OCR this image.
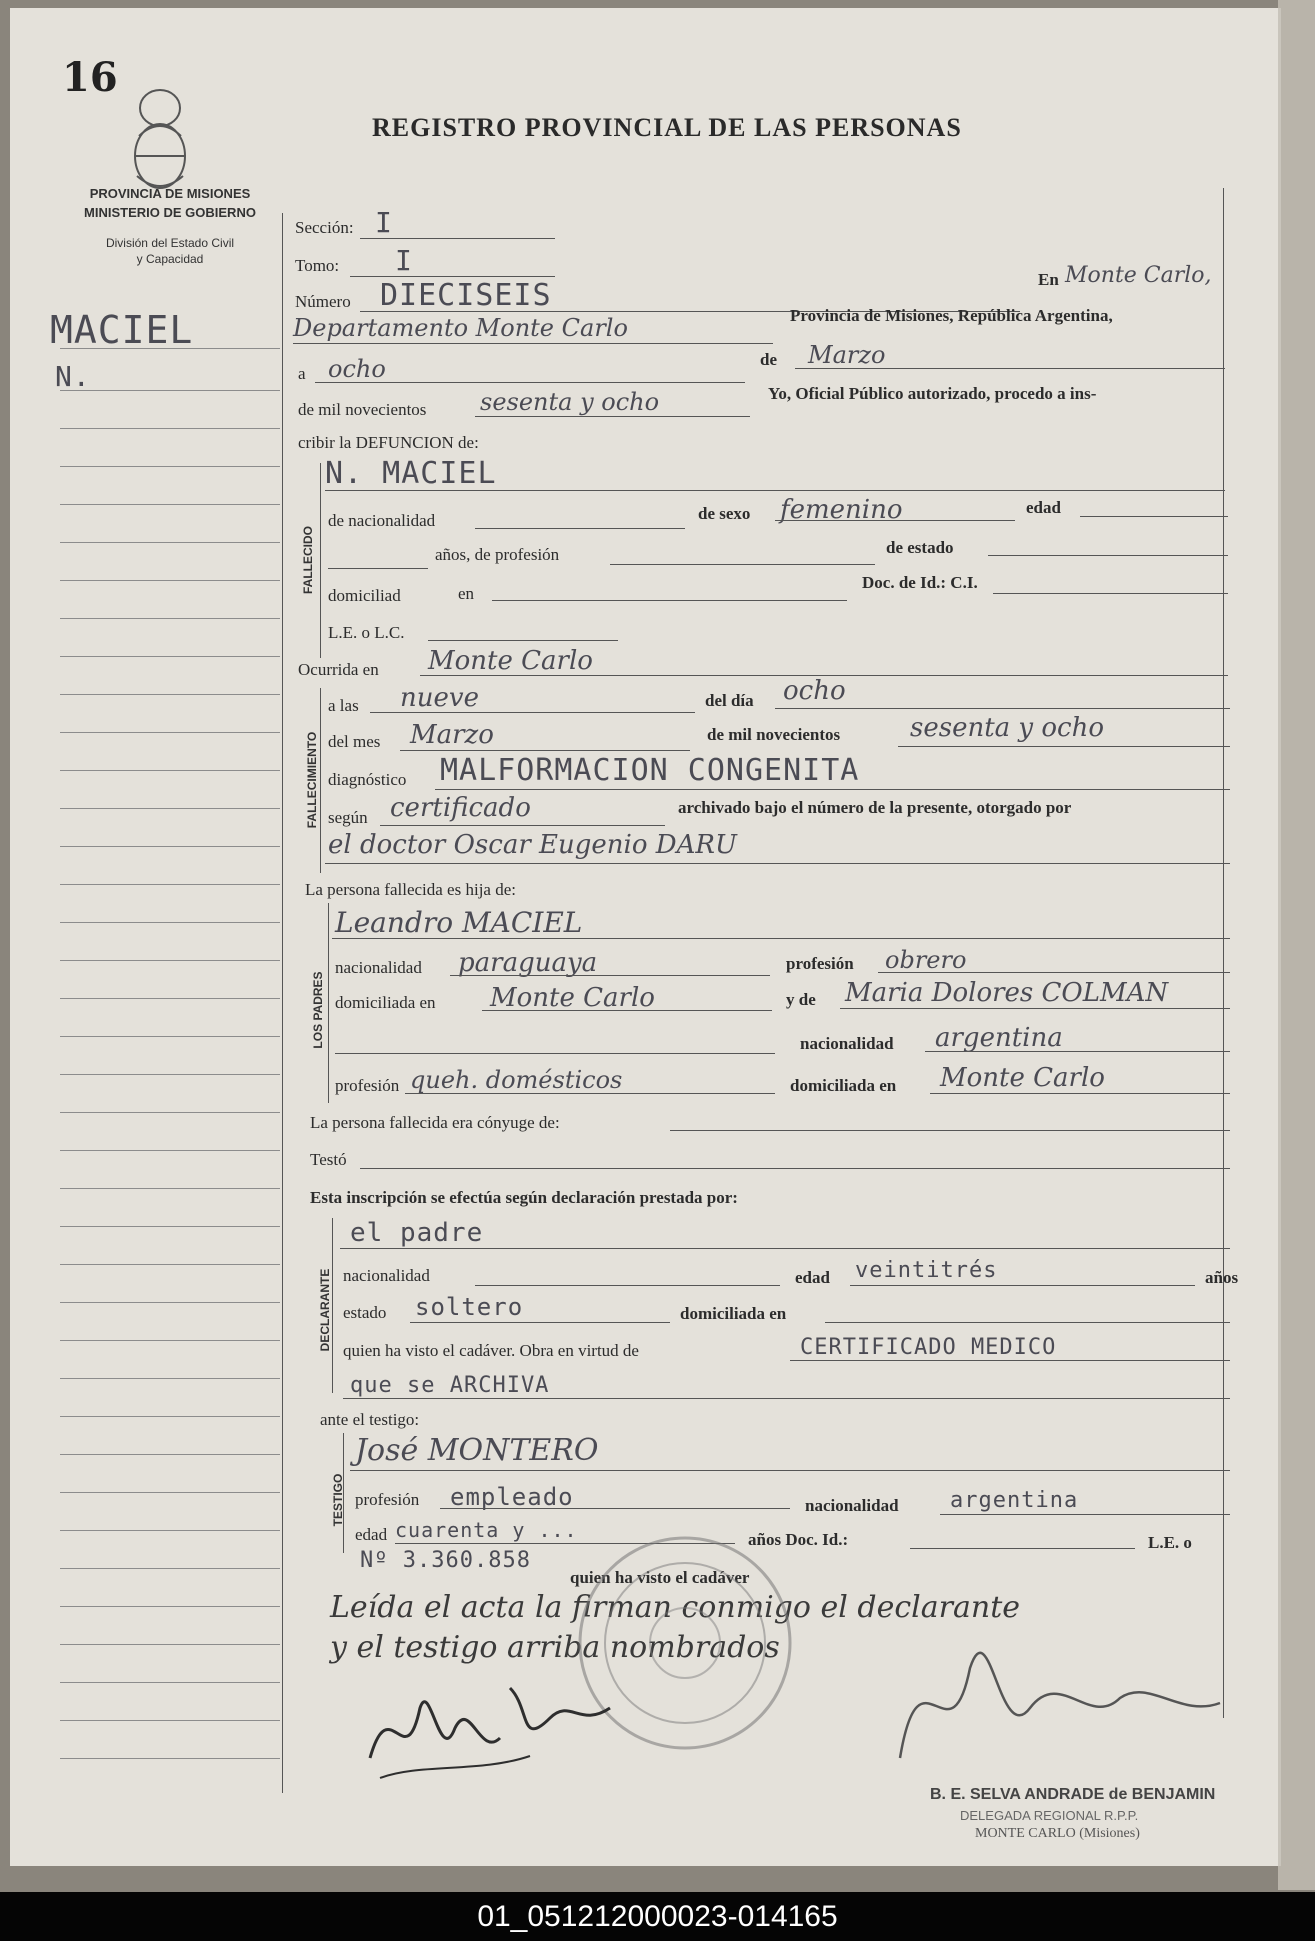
16
PROVINCIA DE MISIONES
MINISTERIO DE GOBIERNO
División del Estado Civil
y Capacidad
REGISTRO PROVINCIAL DE LAS PERSONAS
MACIEL
N.
Sección: I
Tomo: I
Número DIECISEIS	En Monte Carlo,
Departamento Monte Carlo	Provincia de Misiones, República Argentina,
a ocho	de Marzo
de mil novecientos sesenta y ocho	Yo, Oficial Público autorizado, procedo a ins-
cribir la DEFUNCION de:
FALLECIDO
N. MACIEL
de nacionalidad	de sexo femenino	edad
años, de profesión	de estado
domiciliad	en
Doc. de Id.: C.I.
L.E. o L.C.
Ocurrida en Monte Carlo
FALLECIMIENTO
a las nueve	del día ocho
del mes Marzo	de mil novecientos	sesenta y ocho
diagnóstico MALFORMACION CONGENITA
según certificado	archivado bajo el número de la presente, otorgado por
el doctor Oscar Eugenio DARU
La persona fallecida es hija de:
LOS PADRES
Leandro MACIEL
nacionalidad paraguaya	profesión obrero
domiciliada en Monte Carlo	y de Maria Dolores COLMAN
nacionalidad argentina
profesión queh. domésticos	domiciliada en Monte Carlo
La persona fallecida era cónyuge de:
Testó
Esta inscripción se efectúa según declaración prestada por:
DECLARANTE
el padre
nacionalidad	edad veintitrés	años
estado soltero	domiciliada en
quien ha visto el cadáver. Obra en virtud de	CERTIFICADO MEDICO
que se ARCHIVA
ante el testigo:
TESTIGO
José MONTERO
profesión empleado	nacionalidad argentina
edad cuarenta y ...	años Doc. Id.:	L.E. o
Nº 3.360.858
quien ha visto el cadáver
Leída el acta la firman conmigo el declarante
y el testigo arriba nombrados
B. E. SELVA ANDRADE de BENJAMIN
DELEGADA REGIONAL R.P.P.
MONTE CARLO (Misiones)
01_051212000023-014165
